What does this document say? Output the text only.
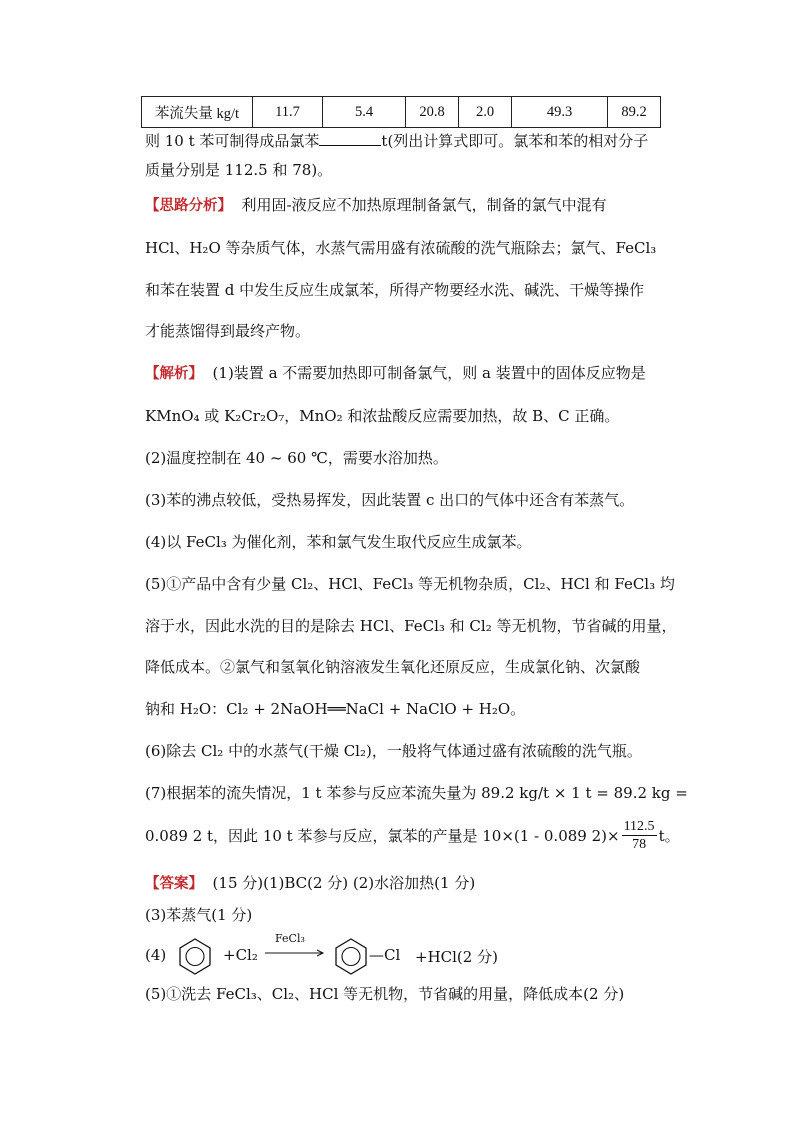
苯流失量 kg/t	11.7	5.4	20.8	2.0	49.3	89.2
则 10 t 苯可制得成品氯苯	t(列出计算式即可。氯苯和苯的相对分子
质量分别是 112.5 和 78)。
【思路分析】 利用固-液反应不加热原理制备氯气，制备的氯气中混有
HCl、H₂O 等杂质气体，水蒸气需用盛有浓硫酸的洗气瓶除去；氯气、FeCl₃
和苯在装置 d 中发生反应生成氯苯，所得产物要经水洗、碱洗、干燥等操作
才能蒸馏得到最终产物。
【解析】 (1)装置 a 不需要加热即可制备氯气，则 a 装置中的固体反应物是
KMnO₄ 或 K₂Cr₂O₇，MnO₂ 和浓盐酸反应需要加热，故 B、C 正确。
(2)温度控制在 40 ~ 60 ℃，需要水浴加热。
(3)苯的沸点较低，受热易挥发，因此装置 c 出口的气体中还含有苯蒸气。
(4)以 FeCl₃ 为催化剂，苯和氯气发生取代反应生成氯苯。
(5)①产品中含有少量 Cl₂、HCl、FeCl₃ 等无机物杂质，Cl₂、HCl 和 FeCl₃ 均
溶于水，因此水洗的目的是除去 HCl、FeCl₃ 和 Cl₂ 等无机物，节省碱的用量，
降低成本。②氯气和氢氧化钠溶液发生氧化还原反应，生成氯化钠、次氯酸
钠和 H₂O：Cl₂ + 2NaOH══NaCl + NaClO + H₂O。
(6)除去 Cl₂ 中的水蒸气(干燥 Cl₂)，一般将气体通过盛有浓硫酸的洗气瓶。
(7)根据苯的流失情况，1 t 苯参与反应苯流失量为 89.2 kg/t × 1 t = 89.2 kg =
0.089 2 t，因此 10 t 苯参与反应，氯苯的产量是 10×(1 - 0.089 $2)\times \frac{112.5}{78}$ t。
【答案】 (15 分)(1)BC(2 分) (2)水浴加热(1 分)
(3)苯蒸气(1 分)
(4)	+Cl₂
FeCl₃
—Cl +HCl(2 分)
(5)①洗去 FeCl₃、Cl₂、HCl 等无机物，节省碱的用量，降低成本(2 分)
